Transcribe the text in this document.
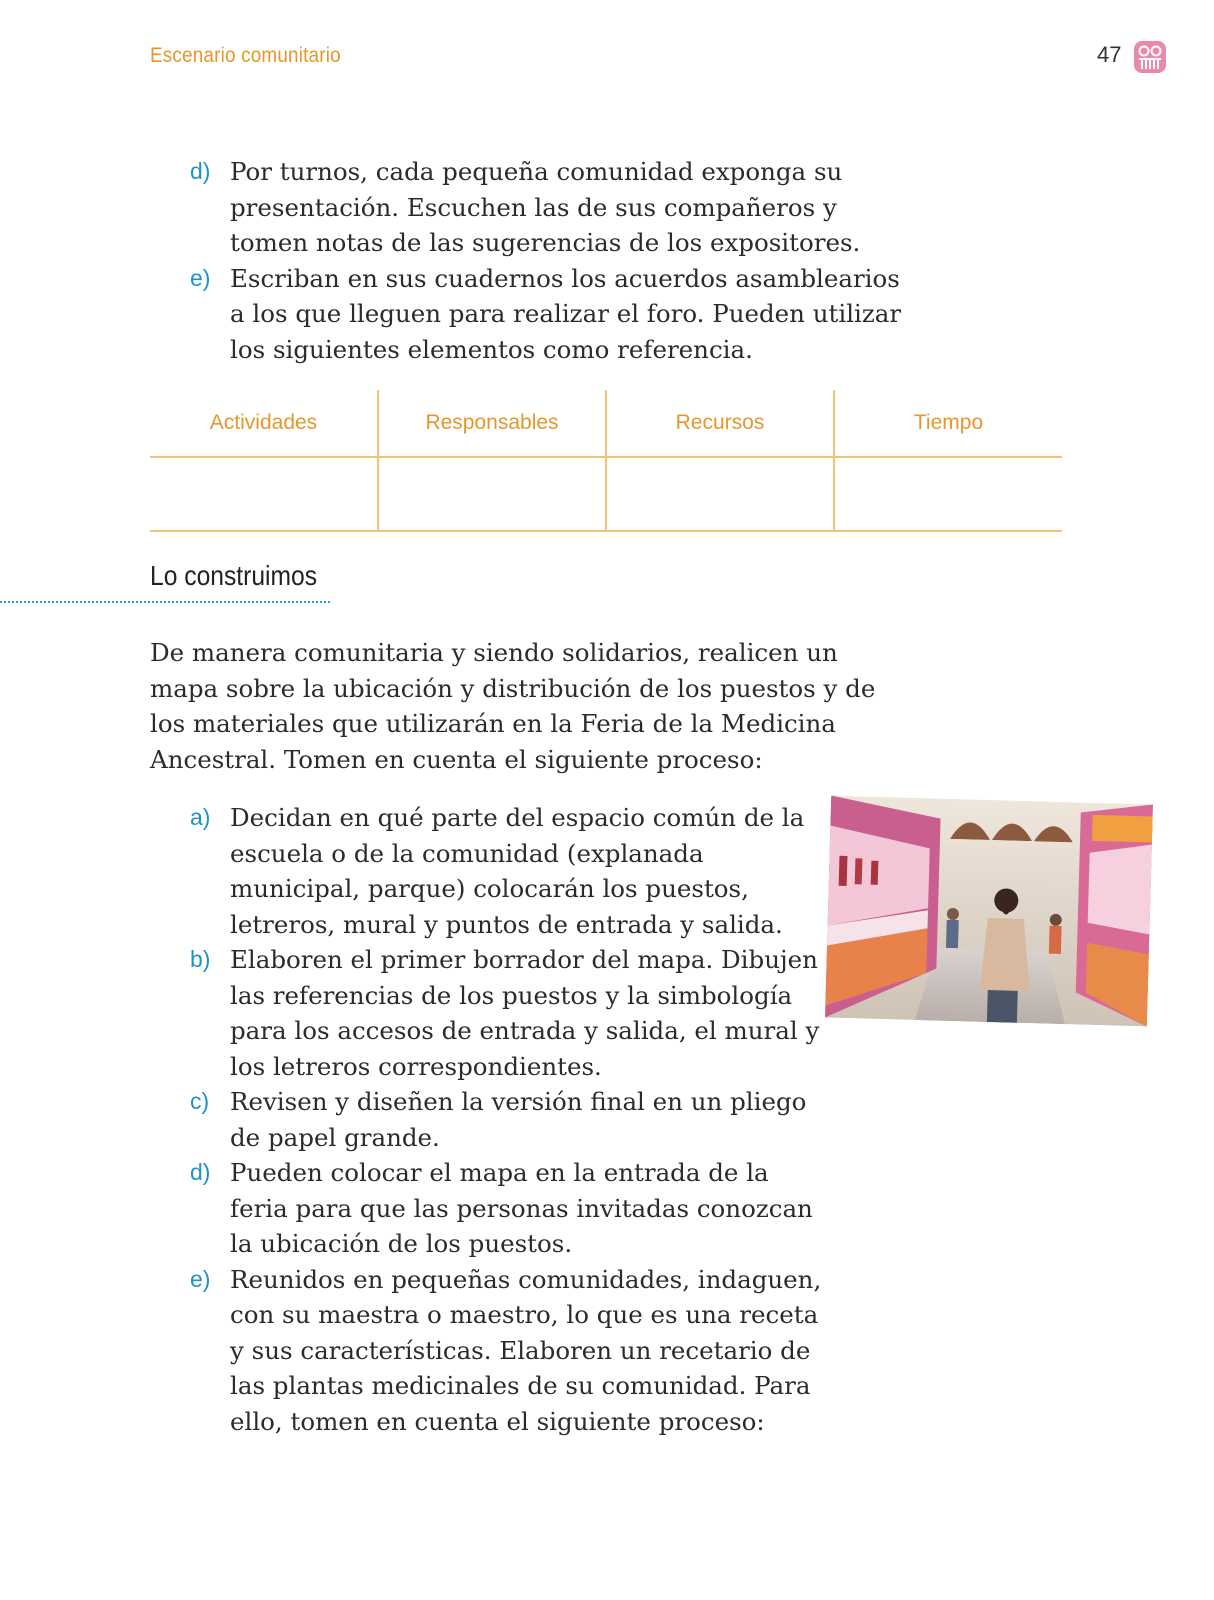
Escenario comunitario	47
d) Por turnos, cada pequeña comunidad exponga su presentación. Escuchen las de sus compañeros y tomen notas de las sugerencias de los expositores.
e) Escriban en sus cuadernos los acuerdos asamblearios a los que lleguen para realizar el foro. Pueden utilizar los siguientes elementos como referencia.
Actividades	Responsables	Recursos	Tiempo

Lo construimos

De manera comunitaria y siendo solidarios, realicen un mapa sobre la ubicación y distribución de los puestos y de los materiales que utilizarán en la Feria de la Medicina Ancestral. Tomen en cuenta el siguiente proceso:

a) Decidan en qué parte del espacio común de la escuela o de la comunidad (explanada municipal, parque) colocarán los puestos, letreros, mural y puntos de entrada y salida.
b) Elaboren el primer borrador del mapa. Dibujen las referencias de los puestos y la simbología para los accesos de entrada y salida, el mural y los letreros correspondientes.
c) Revisen y diseñen la versión final en un pliego de papel grande.
d) Pueden colocar el mapa en la entrada de la feria para que las personas invitadas conozcan la ubicación de los puestos.
e) Reunidos en pequeñas comunidades, indaguen, con su maestra o maestro, lo que es una receta y sus características. Elaboren un recetario de las plantas medicinales de su comunidad. Para ello, tomen en cuenta el siguiente proceso:
